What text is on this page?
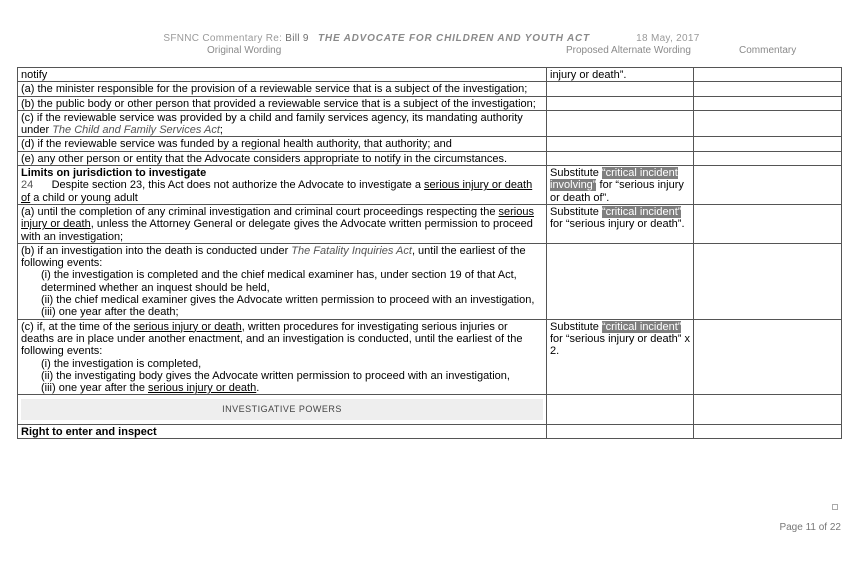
SFNNC Commentary Re: Bill 9 THE ADVOCATE FOR CHILDREN AND YOUTH ACT	18 May, 2017
Original Wording	Proposed Alternate Wording	Commentary
notify	injury or death”.	
(a) the minister responsible for the provision of a reviewable service that is a subject of the investigation;		
(b) the public body or other person that provided a reviewable service that is a subject of the investigation;		
(c) if the reviewable service was provided by a child and family services agency, its mandating authority under The Child and Family Services Act;		
(d) if the reviewable service was funded by a regional health authority, that authority; and		
(e) any other person or entity that the Advocate considers appropriate to notify in the circumstances.		

Limits on jurisdiction to investigate
24 Despite section 23, this Act does not authorize the Advocate to investigate a serious injury or death of a child or young adult	Substitute “critical incident involving” for “serious injury or death of”.	
(a) until the completion of any criminal investigation and criminal court proceedings respecting the serious injury or death, unless the Attorney General or delegate gives the Advocate written permission to proceed with an investigation;	Substitute “critical incident” for “serious injury or death”.	

(b) if an investigation into the death is conducted under The Fatality Inquiries Act, until the earliest of the following events:
(i) the investigation is completed and the chief medical examiner has, under section 19 of that Act, determined whether an inquest should be held,
(ii) the chief medical examiner gives the Advocate written permission to proceed with an investigation,
(iii) one year after the death;		

(c) if, at the time of the serious injury or death, written procedures for investigating serious injuries or deaths are in place under another enactment, and an investigation is conducted, until the earliest of the following events:
(i) the investigation is completed,
(ii) the investigating body gives the Advocate written permission to proceed with an investigation,
(iii) one year after the serious injury or death.	Substitute “critical incident” for “serious injury or death” x 2.	

INVESTIGATIVE POWERS		

Right to enter and inspect		
Page 11 of 22
